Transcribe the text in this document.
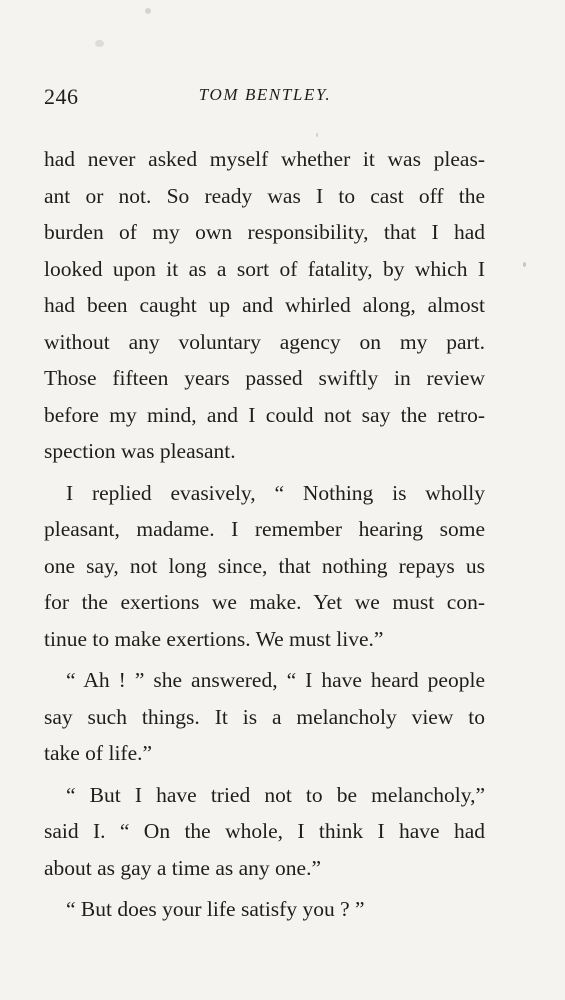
246	TOM BENTLEY.
had never asked myself whether it was pleas-
ant or not. So ready was I to cast off the
burden of my own responsibility, that I had
looked upon it as a sort of fatality, by which I
had been caught up and whirled along, almost
without any voluntary agency on my part.
Those fifteen years passed swiftly in review
before my mind, and I could not say the retro-
spection was pleasant.
I replied evasively, “ Nothing is wholly
pleasant, madame. I remember hearing some
one say, not long since, that nothing repays us
for the exertions we make. Yet we must con-
tinue to make exertions. We must live.”
“ Ah ! ” she answered, “ I have heard people
say such things. It is a melancholy view to
take of life.”
“ But I have tried not to be melancholy,”
said I. “ On the whole, I think I have had
about as gay a time as any one.”
“ But does your life satisfy you ? ”
